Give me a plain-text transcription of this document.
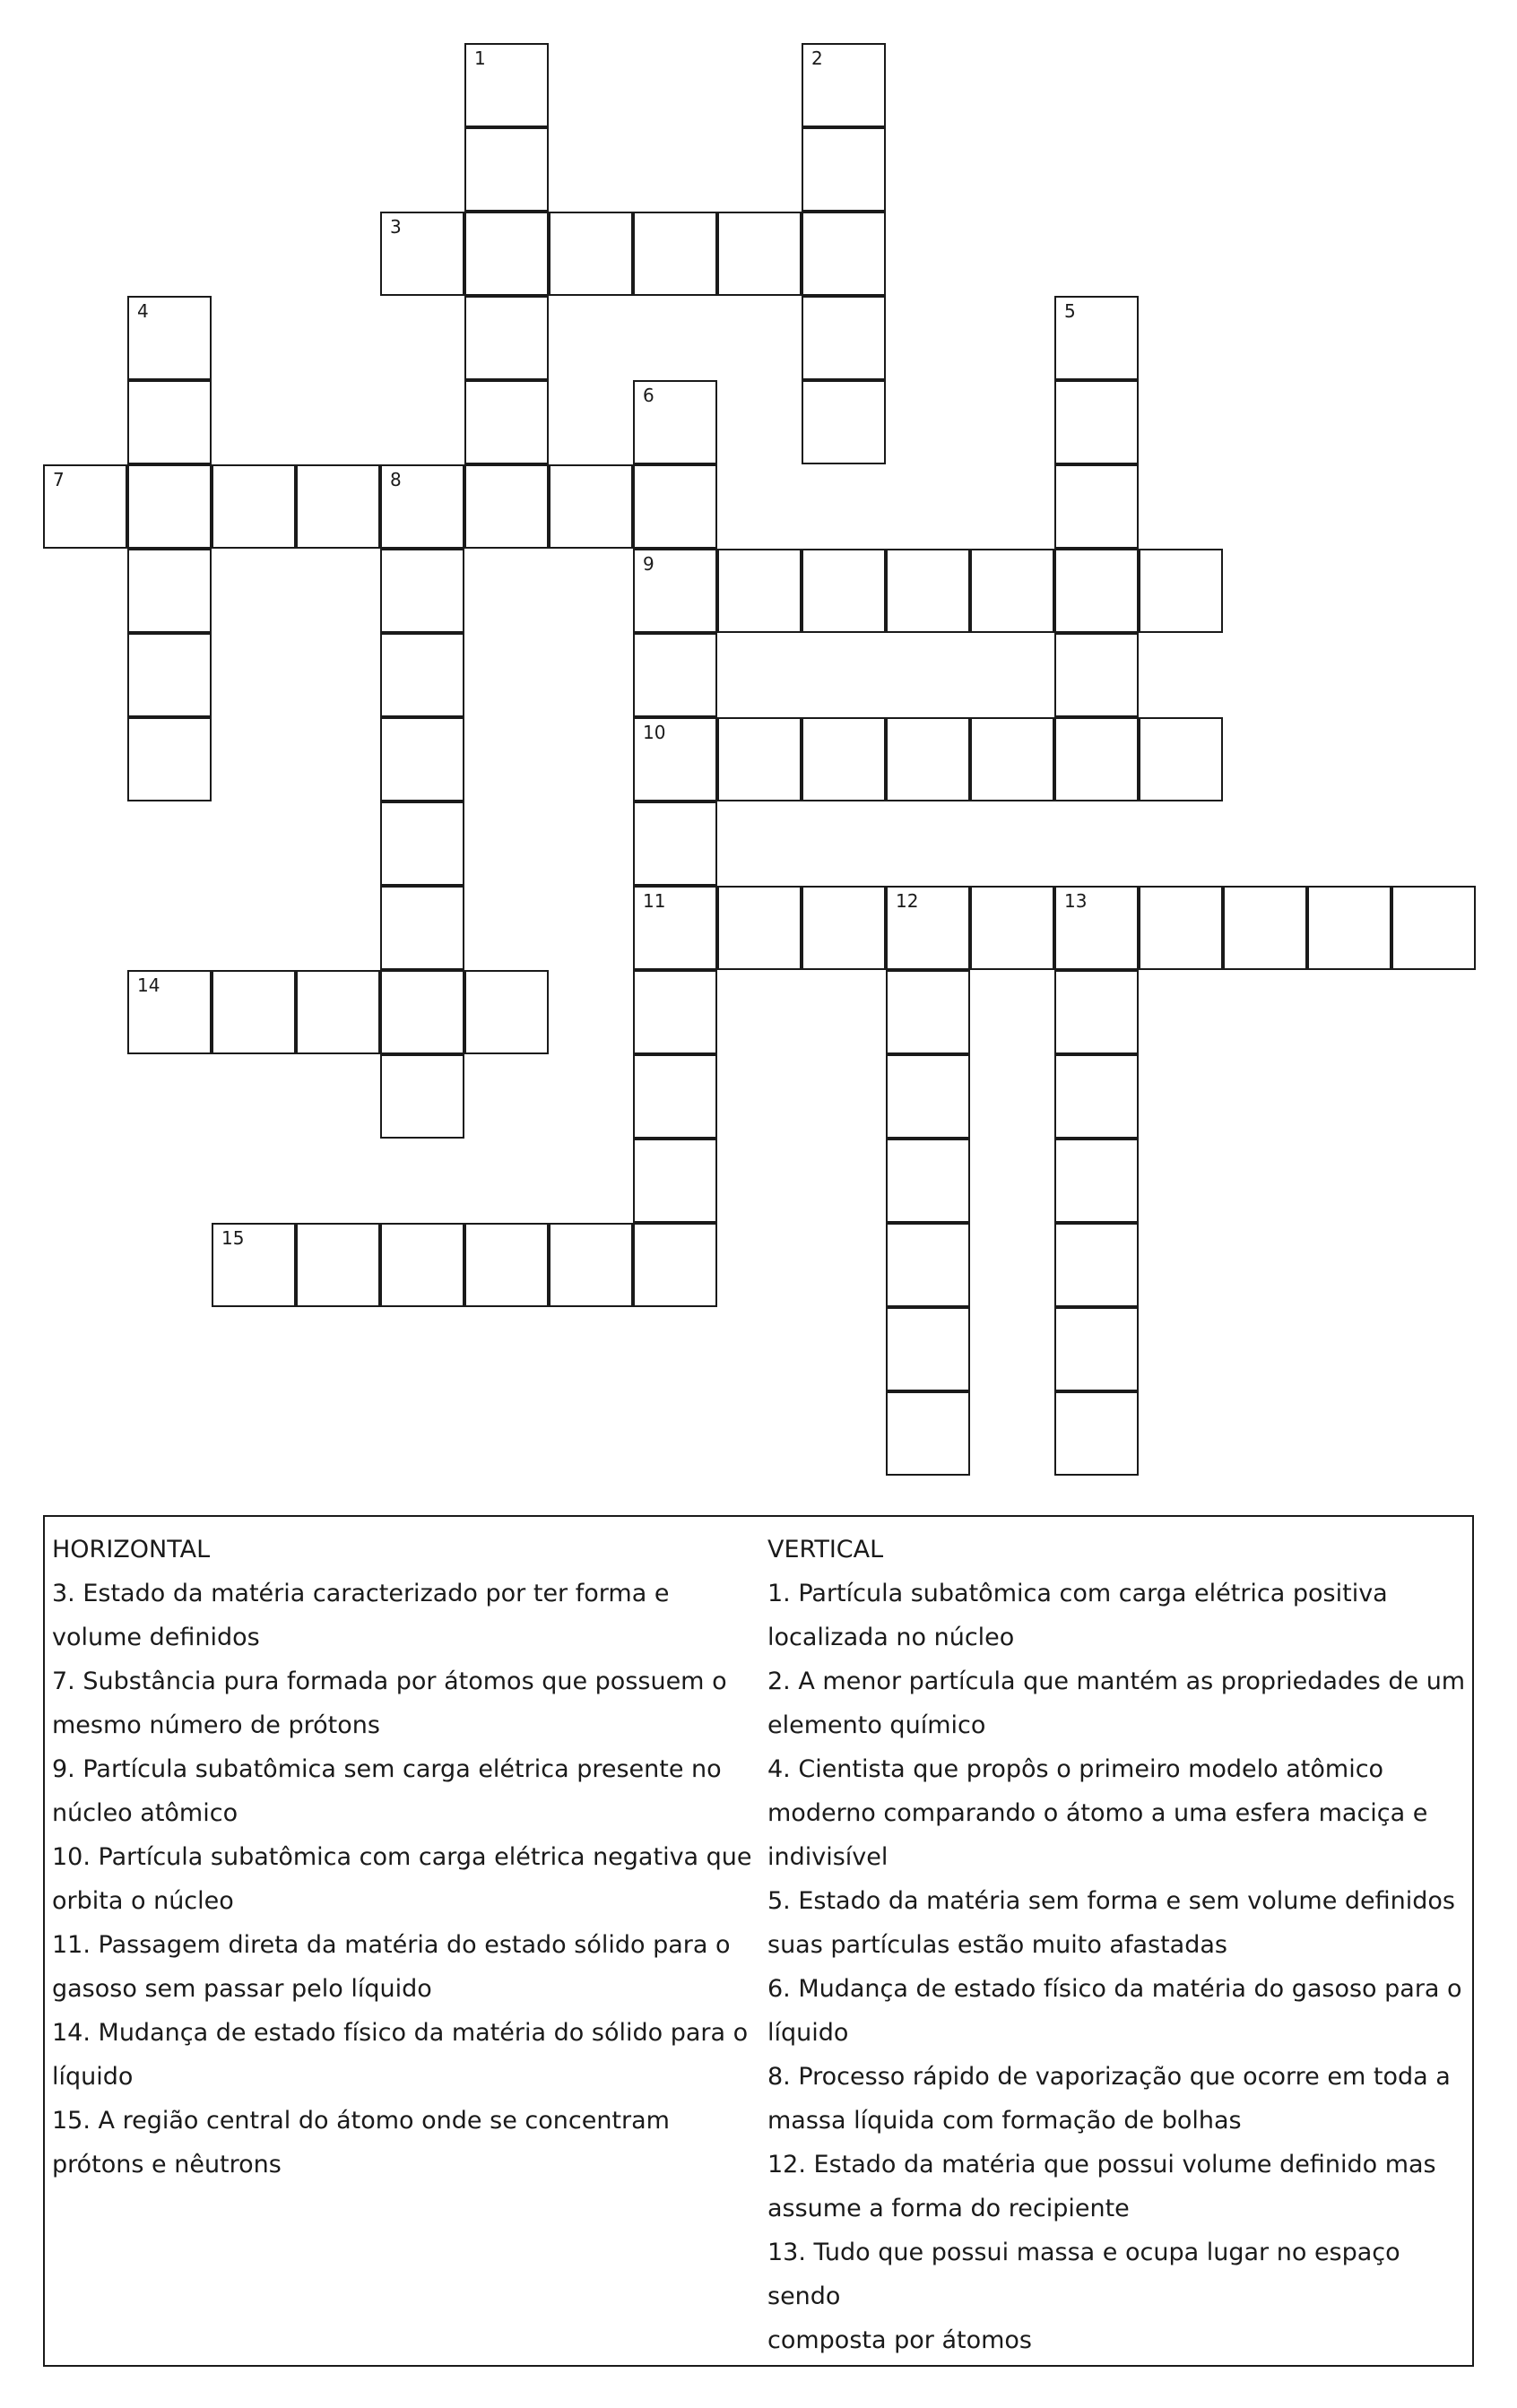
1	2
3
4	5
6
9
10
11
7	8
12	13
14
15
HORIZONTAL
3. Estado da matéria caracterizado por ter forma e
volume definidos
7. Substância pura formada por átomos que possuem o
mesmo número de prótons
9. Partícula subatômica sem carga elétrica presente no
núcleo atômico
10. Partícula subatômica com carga elétrica negativa que
orbita o núcleo
11. Passagem direta da matéria do estado sólido para o
gasoso sem passar pelo líquido
14. Mudança de estado físico da matéria do sólido para o
líquido
15. A região central do átomo onde se concentram
prótons e nêutrons
VERTICAL
1. Partícula subatômica com carga elétrica positiva
localizada no núcleo
2. A menor partícula que mantém as propriedades de um
elemento químico
4. Cientista que propôs o primeiro modelo atômico
moderno comparando o átomo a uma esfera maciça e
indivisível
5. Estado da matéria sem forma e sem volume definidos
suas partículas estão muito afastadas
6. Mudança de estado físico da matéria do gasoso para o
líquido
8. Processo rápido de vaporização que ocorre em toda a
massa líquida com formação de bolhas
12. Estado da matéria que possui volume definido mas
assume a forma do recipiente
13. Tudo que possui massa e ocupa lugar no espaço sendo
composta por átomos
